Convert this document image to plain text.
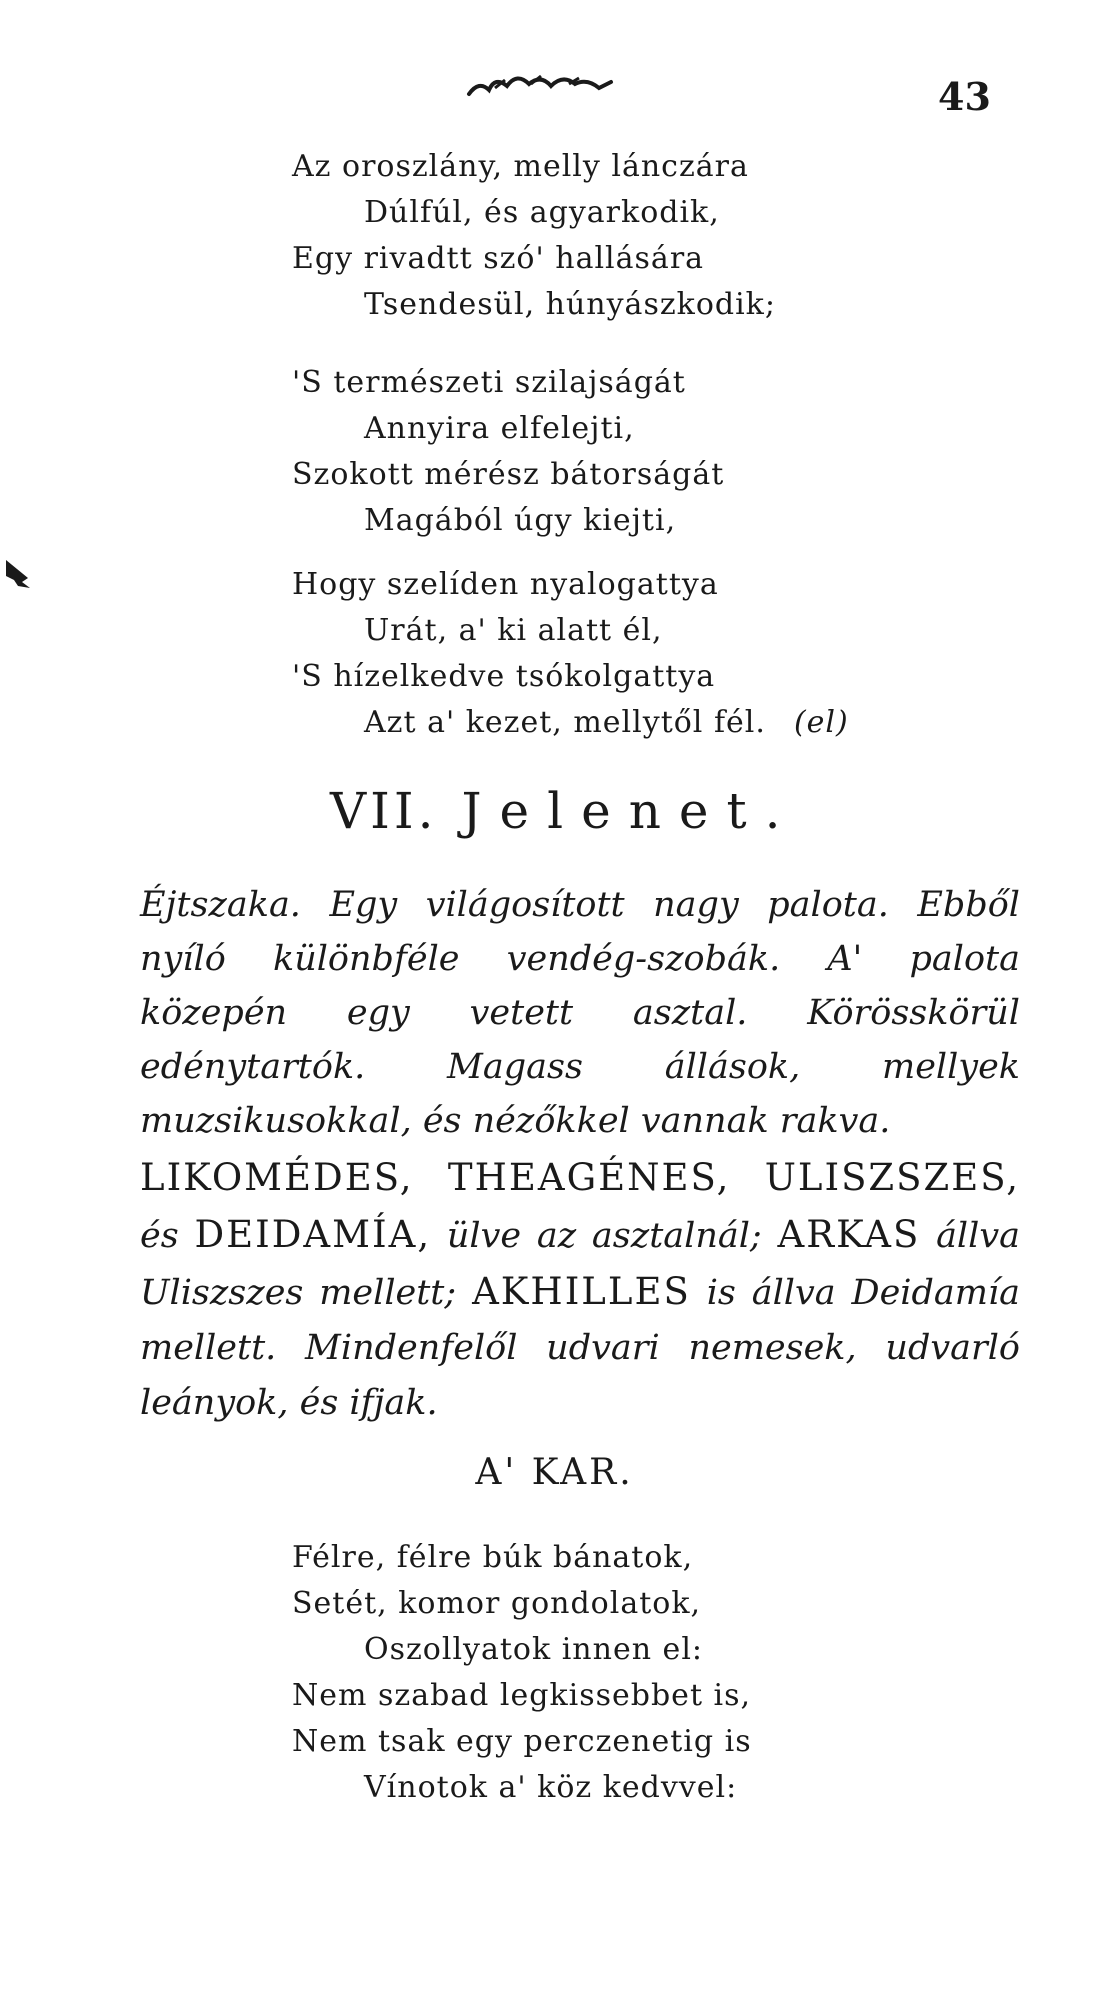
43
Az oroszlány, melly lánczára
Dúlfúl, és agyarkodik,
Egy rivadtt szó' hallására
Tsendesül, húnyászkodik;
'S természeti szilajságát
Annyira elfelejti,
Szokott mérész bátorságát
Magából úgy kiejti,
Hogy szelíden nyalogattya
Urát, a' ki alatt él,
'S hízelkedve tsókolgattya
Azt a' kezet, mellytől fél. (el)
VII. Jelenet.
Éjtszaka. Egy világosított nagy palota. Ebből nyíló különbféle vendég-szobák. A' palota közepén egy vetett asztal. Körösskörül edénytartók. Magass állások, mellyek muzsikusokkal, és nézőkkel vannak rakva.
LIKOMÉDES, THEAGÉNES, ULISZSZES, és DEIDAMÍA, ülve az asztalnál; ARKAS állva Uliszszes mellett; AKHILLES is állva Deidamía mellett. Mindenfelől udvari nemesek, udvarló leányok, és ifjak.
A' KAR.
Félre, félre búk bánatok,
Setét, komor gondolatok,
Oszollyatok innen el:
Nem szabad legkissebbet is,
Nem tsak egy perczenetig is
Vínotok a' köz kedvvel:
